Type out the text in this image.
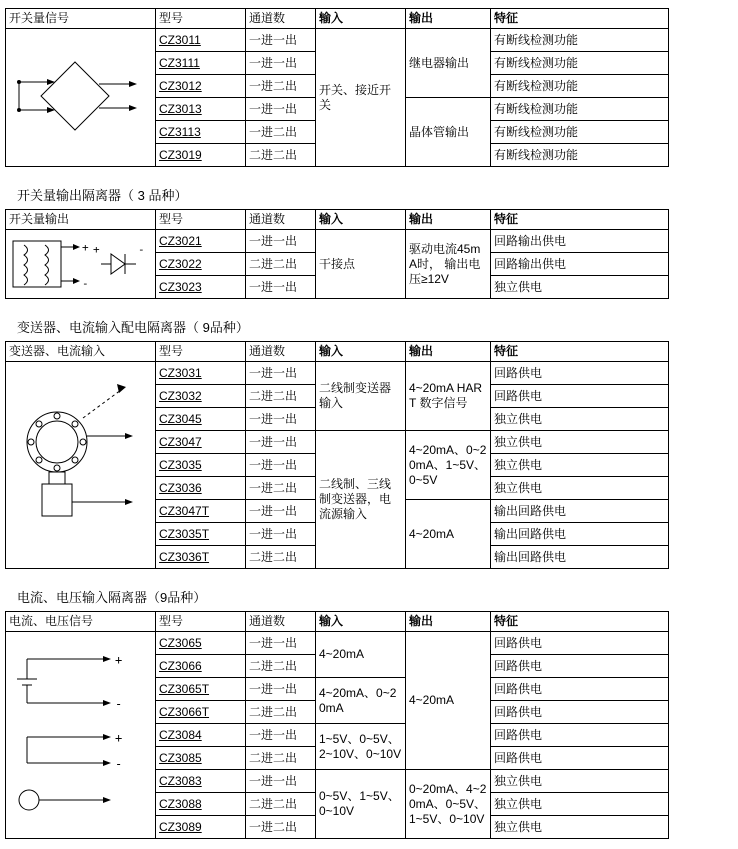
开关量信号	型号	通道数	输入	输出	特征
	CZ3011	一进一出	开关、接近开关	继电器输出	有断线检测功能
	CZ3111	一进一出			有断线检测功能
	CZ3012	一进二出			有断线检测功能
	CZ3013	一进一出		晶体管输出	有断线检测功能
	CZ3113	一进二出			有断线检测功能
	CZ3019	二进二出			有断线检测功能
开关量输出隔离器（ 3 品种）
开关量输出	型号	通道数	输入	输出	特征

+
-
+ -	CZ3021	一进一出	干接点	驱动电流45mA时， 输出电压≥12V	回路输出供电
	CZ3022	二进二出			回路输出供电
	CZ3023	一进一出			独立供电
变送器、电流输入配电隔离器（ 9品种）
变送器、电流输入	型号	通道数	输入	输出	特征
	CZ3031	一进一出	二线制变送器输入	4~20mA HART 数字信号	回路供电
	CZ3032	二进二出			回路供电
	CZ3045	一进一出			独立供电
	CZ3047	一进一出	二线制、三线制变送器，电流源输入	4~20mA、0~20mA、1~5V、0~5V	独立供电
	CZ3035	一进一出			独立供电
	CZ3036	一进二出			独立供电
	CZ3047T	一进一出		4~20mA	输出回路供电
	CZ3035T	一进一出			输出回路供电
	CZ3036T	二进二出			输出回路供电
电流、电压输入隔离器（9品种）
电流、电压信号	型号	通道数	输入	输出	特征

+
-
+
-	CZ3065	一进一出	4~20mA	4~20mA	回路供电
	CZ3066	二进二出			回路供电
	CZ3065T	一进一出	4~20mA、0~20mA		回路供电
	CZ3066T	二进二出			回路供电
	CZ3084	一进一出	1~5V、0~5V、2~10V、0~10V		回路供电
	CZ3085	二进二出			回路供电
	CZ3083	一进一出	0~5V、1~5V、0~10V	0~20mA、4~20mA、0~5V、1~5V、0~10V	独立供电
	CZ3088	二进二出			独立供电
	CZ3089	一进二出			独立供电
